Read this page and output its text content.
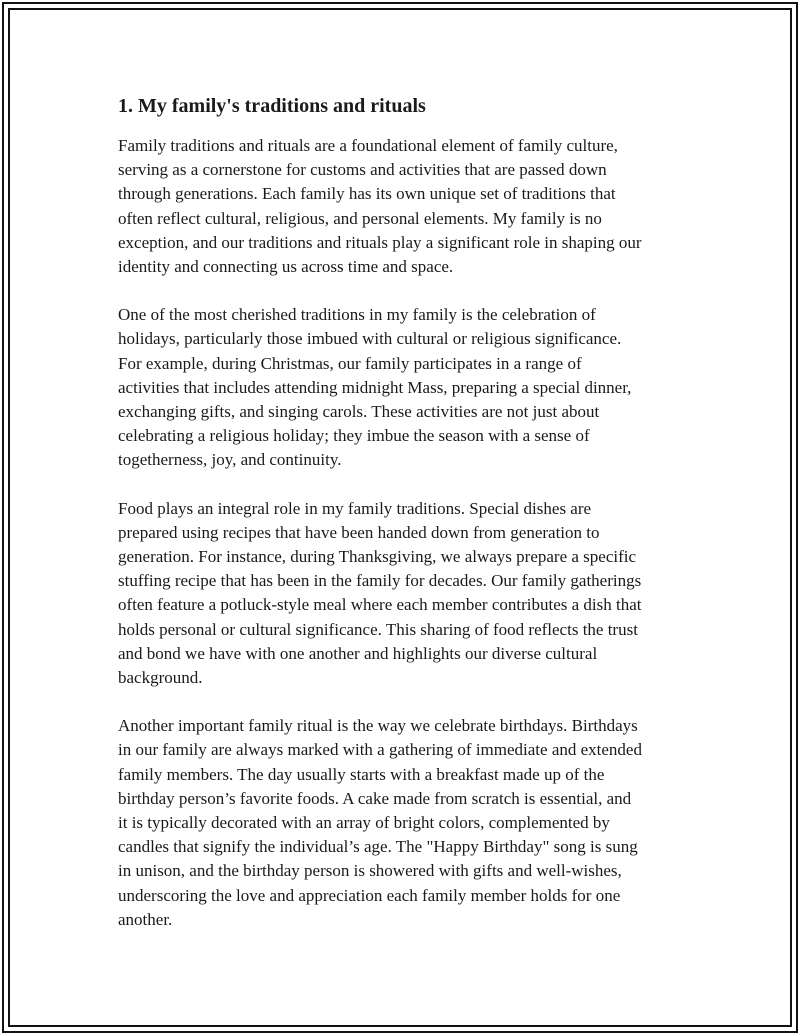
1. My family's traditions and rituals

Family traditions and rituals are a foundational element of family culture,
serving as a cornerstone for customs and activities that are passed down
through generations. Each family has its own unique set of traditions that
often reflect cultural, religious, and personal elements. My family is no
exception, and our traditions and rituals play a significant role in shaping our
identity and connecting us across time and space.

One of the most cherished traditions in my family is the celebration of
holidays, particularly those imbued with cultural or religious significance.
For example, during Christmas, our family participates in a range of
activities that includes attending midnight Mass, preparing a special dinner,
exchanging gifts, and singing carols. These activities are not just about
celebrating a religious holiday; they imbue the season with a sense of
togetherness, joy, and continuity.

Food plays an integral role in my family traditions. Special dishes are
prepared using recipes that have been handed down from generation to
generation. For instance, during Thanksgiving, we always prepare a specific
stuffing recipe that has been in the family for decades. Our family gatherings
often feature a potluck-style meal where each member contributes a dish that
holds personal or cultural significance. This sharing of food reflects the trust
and bond we have with one another and highlights our diverse cultural
background.

Another important family ritual is the way we celebrate birthdays. Birthdays
in our family are always marked with a gathering of immediate and extended
family members. The day usually starts with a breakfast made up of the
birthday person’s favorite foods. A cake made from scratch is essential, and
it is typically decorated with an array of bright colors, complemented by
candles that signify the individual’s age. The "Happy Birthday" song is sung
in unison, and the birthday person is showered with gifts and well-wishes,
underscoring the love and appreciation each family member holds for one
another.
